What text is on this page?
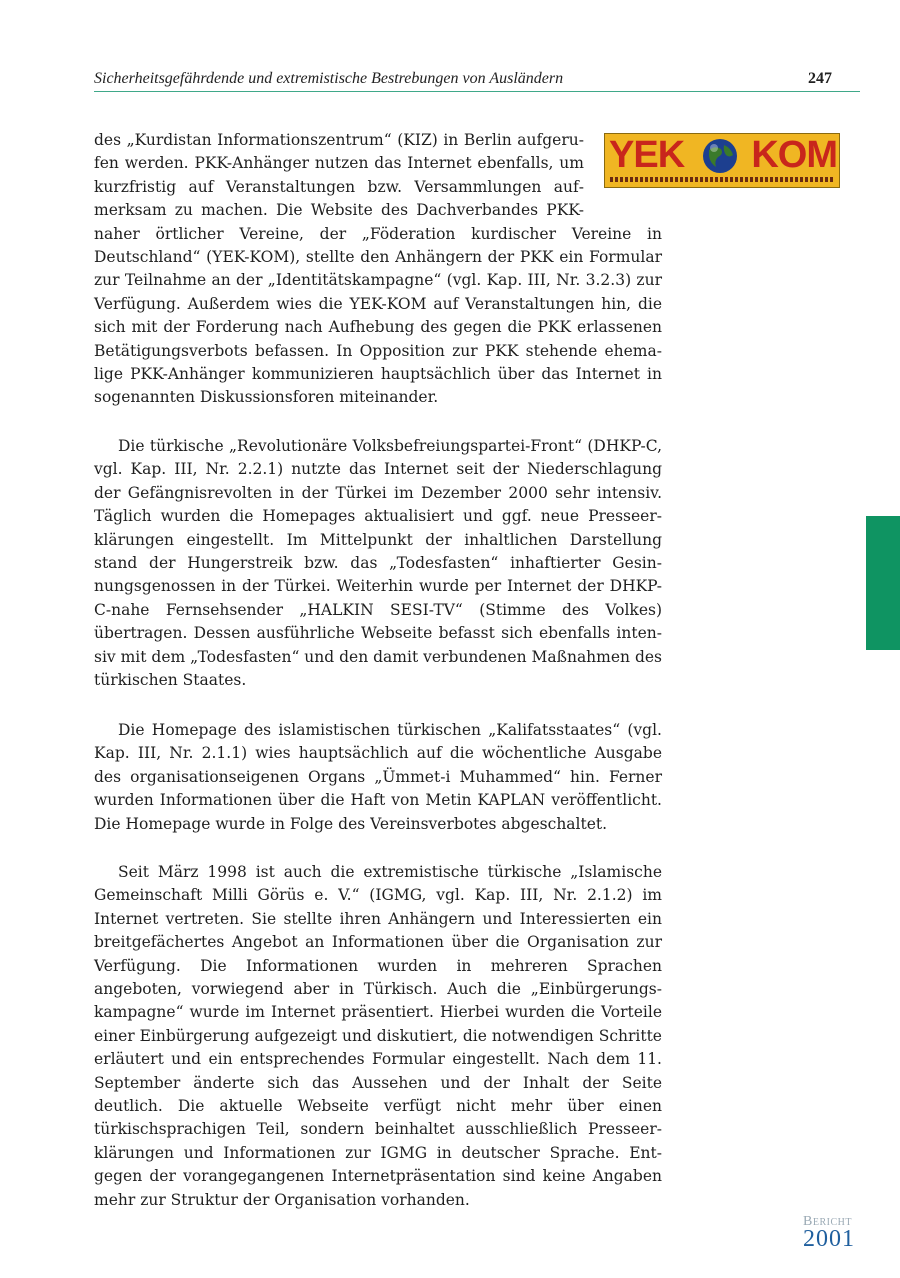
Sicherheitsgefährdende und extremistische Bestrebungen von Ausländern	247
YEK KOM

des „Kurdistan Informationszentrum“ (KIZ) in Berlin aufgerufen werden. PKK-Anhänger nutzen das Internet ebenfalls, um kurzfristig auf Veranstaltungen bzw. Versammlungen aufmerksam zu machen. Die Website des Dachverbandes PKK-naher örtlicher Vereine, der „Föderation kurdischer Vereine in Deutschland“ (YEK-KOM), stellte den Anhängern der PKK ein Formular zur Teilnahme an der „Identitätskampagne“ (vgl. Kap. III, Nr. 3.2.3) zur Verfügung. Außerdem wies die YEK-KOM auf Veranstaltungen hin, die sich mit der Forderung nach Aufhebung des gegen die PKK erlassenen Betätigungsverbots befassen. In Opposition zur PKK stehende ehemalige PKK-Anhänger kommunizieren hauptsächlich über das Internet in sogenannten Diskussionsforen miteinander.

Die türkische „Revolutionäre Volksbefreiungspartei-Front“ (DHKP-C, vgl. Kap. III, Nr. 2.2.1) nutzte das Internet seit der Niederschlagung der Gefängnisrevolten in der Türkei im Dezember 2000 sehr intensiv. Täglich wurden die Homepages aktualisiert und ggf. neue Presseerklärungen eingestellt. Im Mittelpunkt der inhaltlichen Darstellung stand der Hungerstreik bzw. das „Todesfasten“ inhaftierter Gesinnungsgenossen in der Türkei. Weiterhin wurde per Internet der DHKP-C-nahe Fernsehsender „HALKIN SESI-TV“ (Stimme des Volkes) übertragen. Dessen ausführliche Webseite befasst sich ebenfalls intensiv mit dem „Todesfasten“ und den damit verbundenen Maßnahmen des türkischen Staates.

Die Homepage des islamistischen türkischen „Kalifatsstaates“ (vgl. Kap. III, Nr. 2.1.1) wies hauptsächlich auf die wöchentliche Ausgabe des organisationseigenen Organs „Ümmet-i Muhammed“ hin. Ferner wurden Informationen über die Haft von Metin KAPLAN veröffentlicht. Die Homepage wurde in Folge des Vereinsverbotes abgeschaltet.

Seit März 1998 ist auch die extremistische türkische „Islamische Gemeinschaft Milli Görüs e. V.“ (IGMG, vgl. Kap. III, Nr. 2.1.2) im Internet vertreten. Sie stellte ihren Anhängern und Interessierten ein breitgefächertes Angebot an Informationen über die Organisation zur Verfügung. Die Informationen wurden in mehreren Sprachen angeboten, vorwiegend aber in Türkisch. Auch die „Einbürgerungskampagne“ wurde im Internet präsentiert. Hierbei wurden die Vorteile einer Einbürgerung aufgezeigt und diskutiert, die notwendigen Schritte erläutert und ein entsprechendes Formular eingestellt. Nach dem 11. September änderte sich das Aussehen und der Inhalt der Seite deutlich. Die aktuelle Webseite verfügt nicht mehr über einen türkischsprachigen Teil, sondern beinhaltet ausschließlich Presseerklärungen und Informationen zur IGMG in deutscher Sprache. Entgegen der vorangegangenen Internetpräsentation sind keine Angaben mehr zur Struktur der Organisation vorhanden.

Bericht
2001
